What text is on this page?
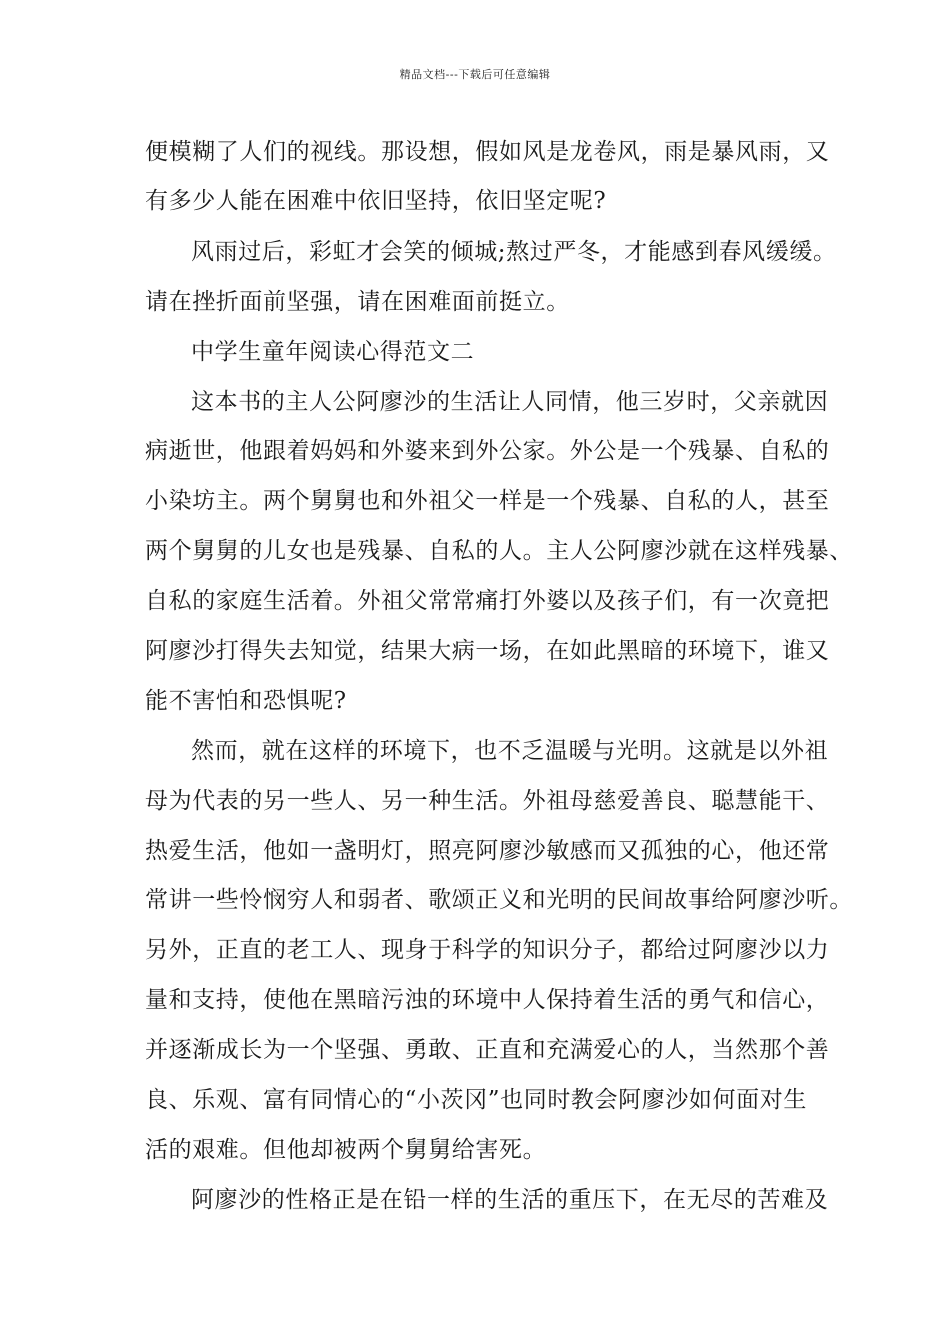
精品文档---下载后可任意编辑
便模糊了人们的视线。那设想，假如风是龙卷风，雨是暴风雨，又
有多少人能在困难中依旧坚持，依旧坚定呢?
风雨过后，彩虹才会笑的倾城;熬过严冬，才能感到春风缓缓。
请在挫折面前坚强，请在困难面前挺立。
中学生童年阅读心得范文二
这本书的主人公阿廖沙的生活让人同情，他三岁时，父亲就因
病逝世，他跟着妈妈和外婆来到外公家。外公是一个残暴、自私的
小染坊主。两个舅舅也和外祖父一样是一个残暴、自私的人，甚至
两个舅舅的儿女也是残暴、自私的人。主人公阿廖沙就在这样残暴、
自私的家庭生活着。外祖父常常痛打外婆以及孩子们，有一次竟把
阿廖沙打得失去知觉，结果大病一场，在如此黑暗的环境下，谁又
能不害怕和恐惧呢?
然而，就在这样的环境下，也不乏温暖与光明。这就是以外祖
母为代表的另一些人、另一种生活。外祖母慈爱善良、聪慧能干、
热爱生活，他如一盏明灯，照亮阿廖沙敏感而又孤独的心，他还常
常讲一些怜悯穷人和弱者、歌颂正义和光明的民间故事给阿廖沙听。
另外，正直的老工人、现身于科学的知识分子，都给过阿廖沙以力
量和支持，使他在黑暗污浊的环境中人保持着生活的勇气和信心，
并逐渐成长为一个坚强、勇敢、正直和充满爱心的人，当然那个善
良、乐观、富有同情心的“小茨冈”也同时教会阿廖沙如何面对生
活的艰难。但他却被两个舅舅给害死。
阿廖沙的性格正是在铅一样的生活的重压下，在无尽的苦难及
